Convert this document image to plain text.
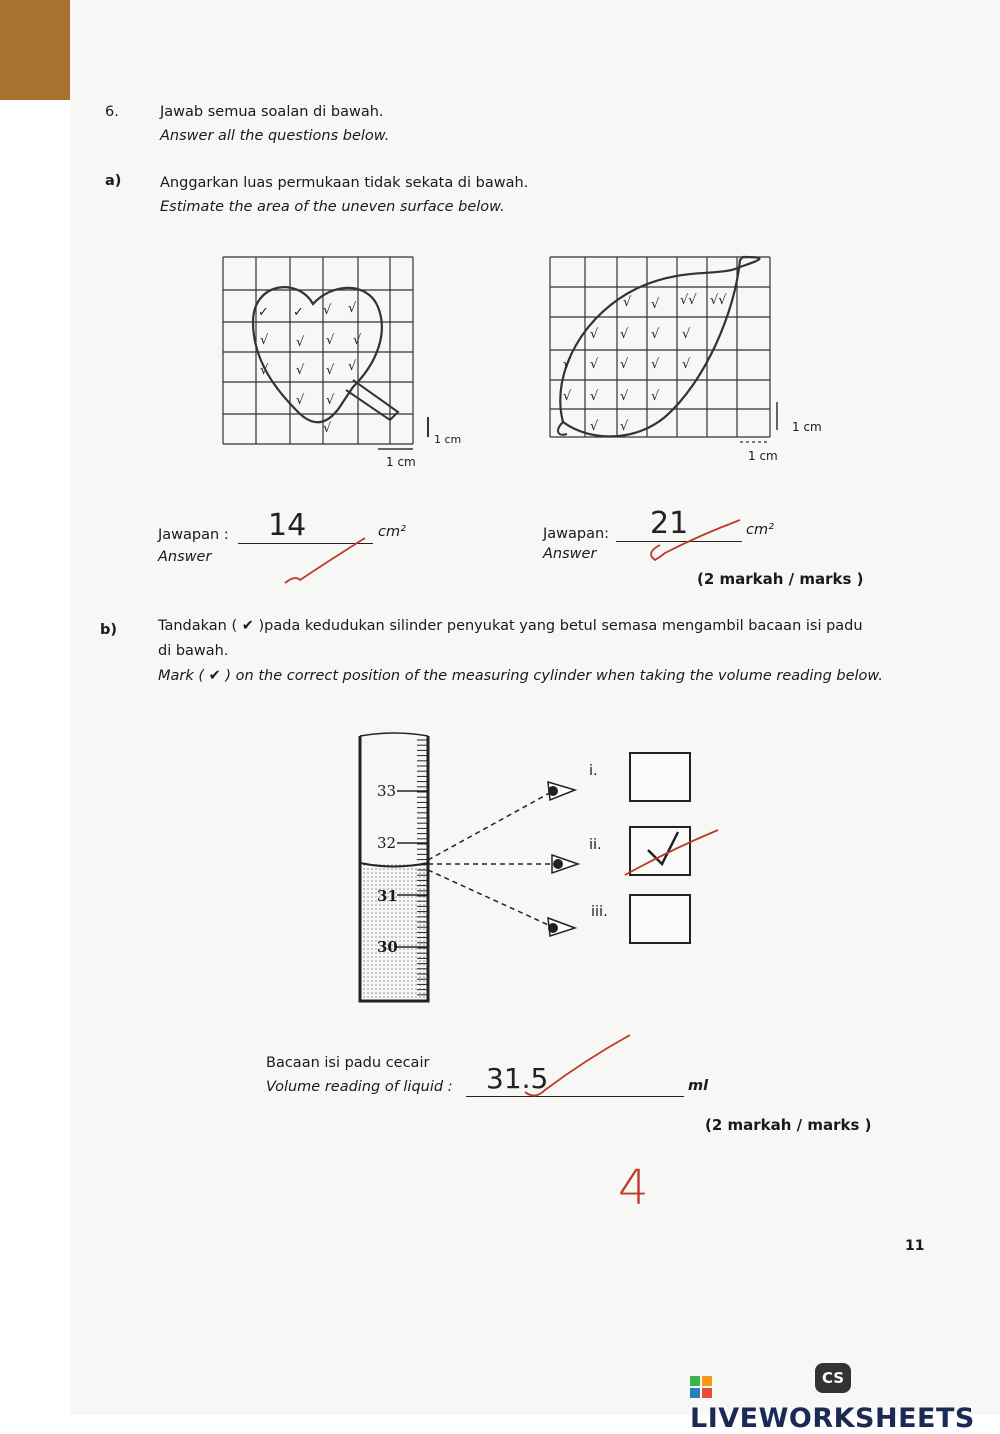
6.	Jawab semua soalan di bawah.
Answer all the questions below.
a)	Anggarkan luas permukaan tidak sekata di bawah.
Estimate the area of the uneven surface below.
✓ ✓ √ √
√ √ √ √
√ √ √ √
√ √
√
1 cm
1 cm
√ √ √√ √√
√ √ √ √
√ √ √ √ √
√ √ √ √
√ √	1 cm
1 cm
Jawapan :
Answer
14	cm²	Jawapan:
Answer
21	cm²
(2 markah / marks )
b)	Tandakan ( ✔ )pada kedudukan silinder penyukat yang betul semasa mengambil bacaan isi padu
di bawah.
Mark ( ✔ ) on the correct position of the measuring cylinder when taking the volume reading below.
33
32
31
30
i.
ii.
iii.
Bacaan isi padu cecair
Volume reading of liquid : 31.5	ml
(2 markah / marks )
4
11
CS
LIVEWORKSHEETS
